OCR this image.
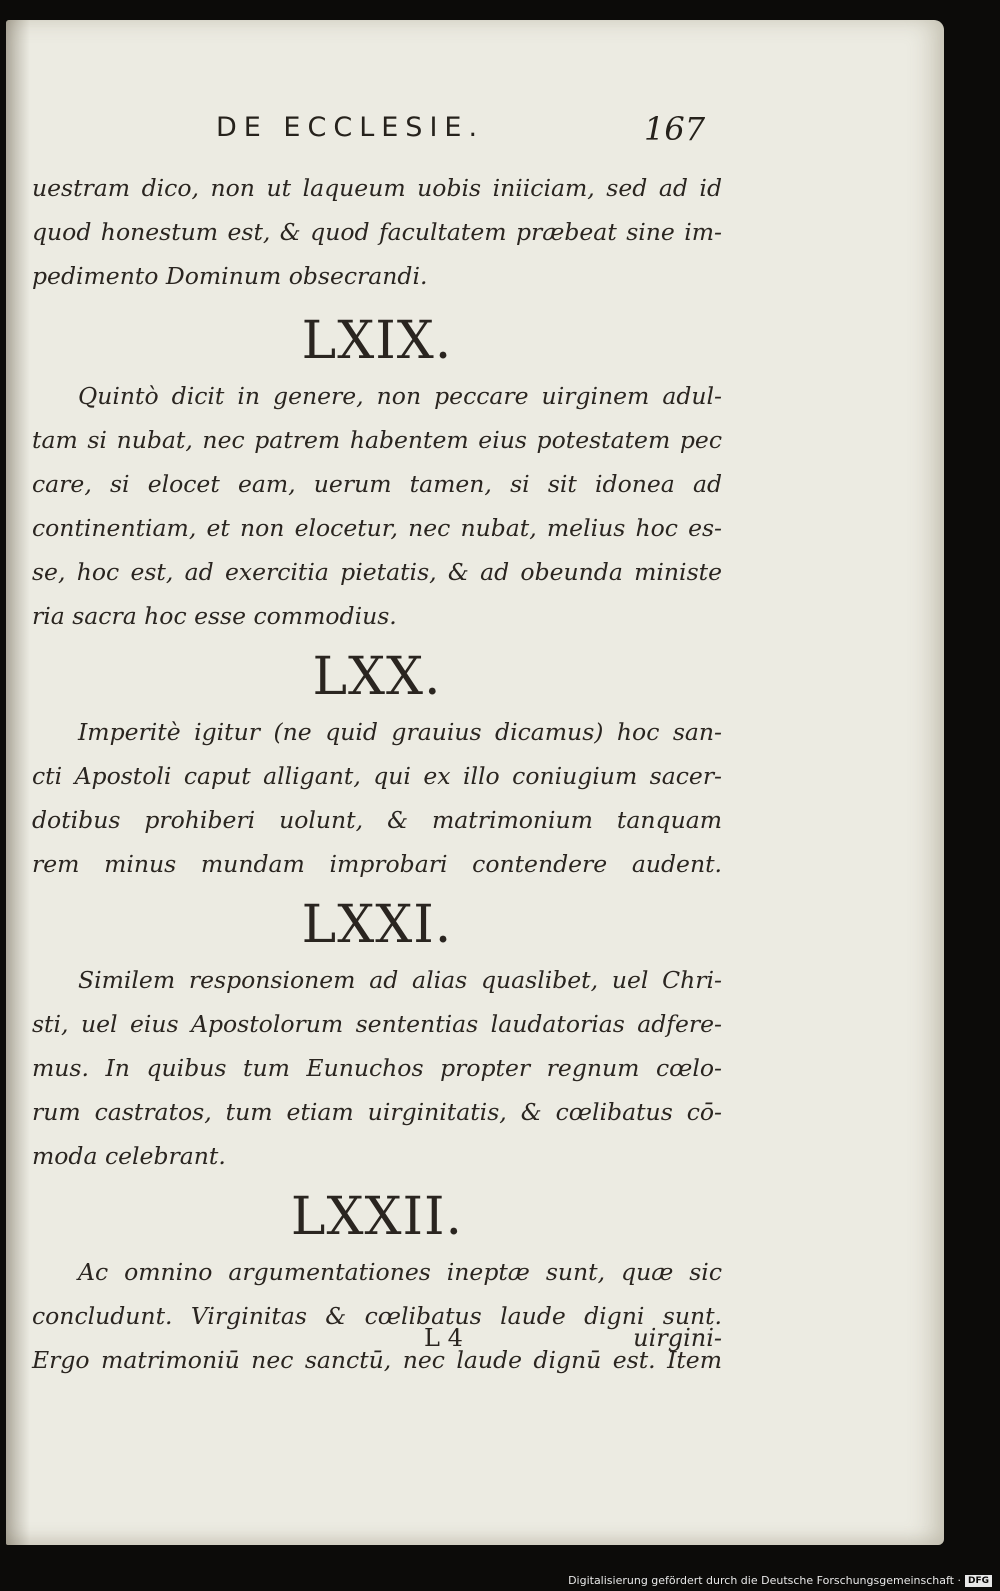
DE ECCLESIE.	167
uestram dico, non ut laqueum uobis iniiciam, sed ad id
quod honestum est, & quod facultatem præbeat sine im-
pedimento Dominum obsecrandi.
LXIX.
Quintò dicit in genere, non peccare uirginem adul-
tam si nubat, nec patrem habentem eius potestatem pec
care, si elocet eam, uerum tamen, si sit idonea ad
continentiam, et non elocetur, nec nubat, melius hoc es-
se, hoc est, ad exercitia pietatis, & ad obeunda ministe
ria sacra hoc esse commodius.
LXX.
Imperitè igitur (ne quid grauius dicamus) hoc san-
cti Apostoli caput alligant, qui ex illo coniugium sacer-
dotibus prohiberi uolunt, & matrimonium tanquam
rem minus mundam improbari contendere audent.
LXXI.
Similem responsionem ad alias quaslibet, uel Chri-
sti, uel eius Apostolorum sententias laudatorias adfere-
mus. In quibus tum Eunuchos propter regnum cœlo-
rum castratos, tum etiam uirginitatis, & cœlibatus cō-
moda celebrant.
LXXII.
Ac omnino argumentationes ineptæ sunt, quæ sic
concludunt. Virginitas & cœlibatus laude digni sunt.
Ergo matrimoniū nec sanctū, nec laude dignū est. Item
L 4	uirgini-
Digitalisierung gefördert durch die Deutsche Forschungsgemeinschaft · DFG
